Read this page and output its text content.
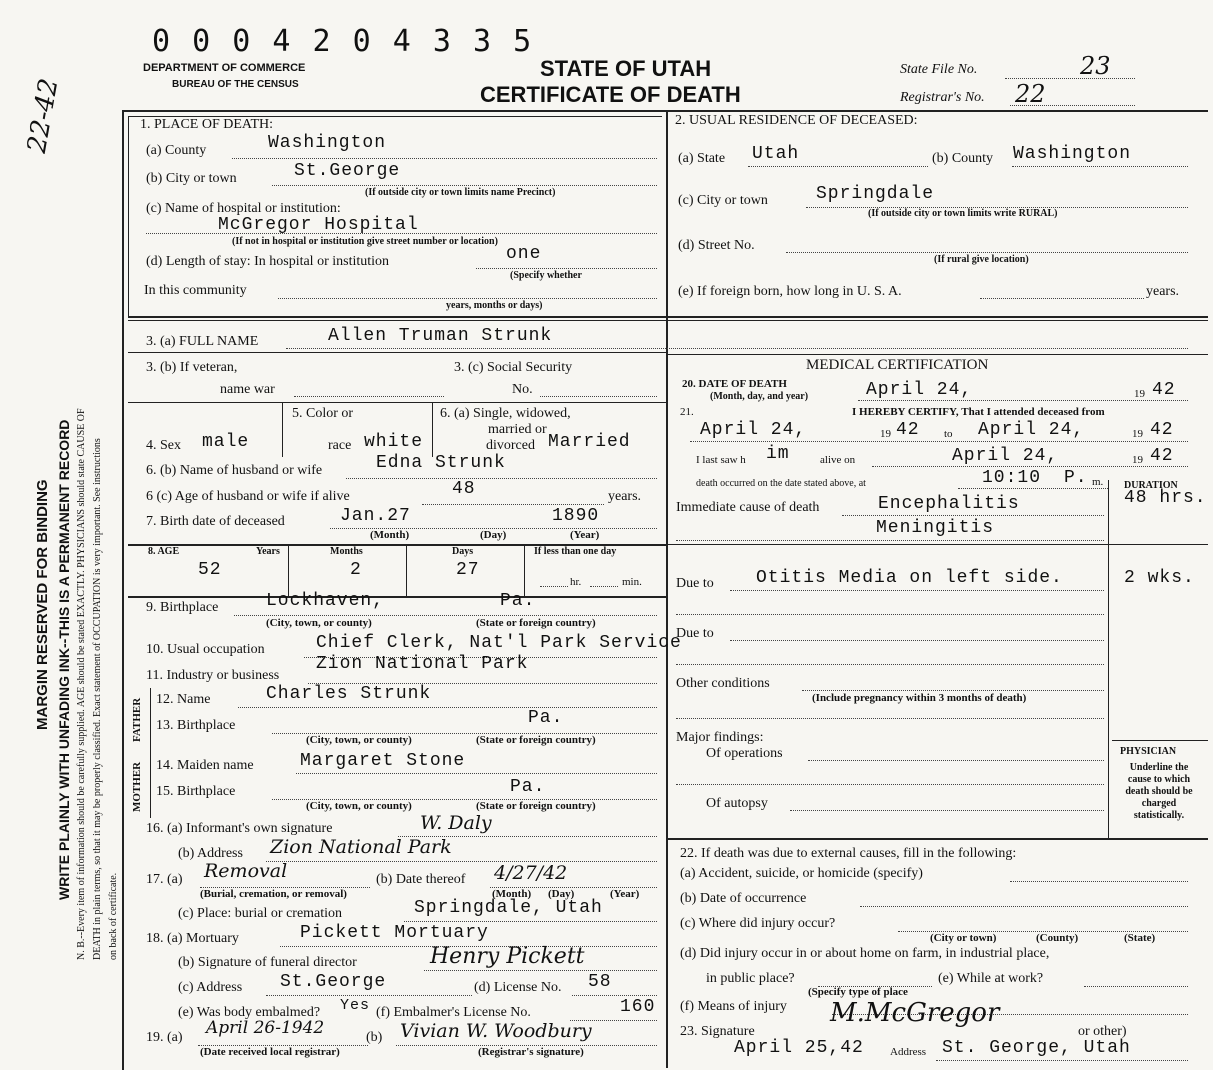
22-42
MARGIN RESERVED FOR BINDING WRITE PLAINLY WITH UNFADING INK--THIS IS A PERMANENT RECORD N. B.--Every item of information should be carefully supplied. AGE should be stated EXACTLY. PHYSICIANS should state CAUSE OF DEATH in plain terms, so that it may be properly classified. Exact statement of OCCUPATION is very important. See instructions on back of certificate.
0 0 0 4 2 0 4 3 3 5
DEPARTMENT OF COMMERCE
BUREAU OF THE CENSUS
STATE OF UTAH
CERTIFICATE OF DEATH
State File No.	23
Registrar's No. 22
1. PLACE OF DEATH:
(a) County	Washington
(b) City or town	St.George
(If outside city or town limits name Precinct)
(c) Name of hospital or institution:
McGregor Hospital
(If not in hospital or institution give street number or location)
(d) Length of stay: In hospital or institution	one
(Specify whether
In this community
years, months or days)
2. USUAL RESIDENCE OF DECEASED:
(a) State Utah	(b) County Washington
(c) City or town	Springdale
(If outside city or town limits write RURAL)
(d) Street No.
(If rural give location)
(e) If foreign born, how long in U. S. A.	years.
3. (a) FULL NAME	Allen Truman Strunk
3. (b) If veteran,
name war
3. (c) Social Security
No.
4. Sex male
5. Color or
race white
6. (a) Single, widowed,
married or
divorced Married
6. (b) Name of husband or wife	Edna Strunk
6 (c) Age of husband or wife if alive	48	years.
7. Birth date of deceased	Jan.27	1890
(Month)	(Day)	(Year)
8. AGE	Years	Months	Days	If less than one day
52	2	27
hr.	min.
9. Birthplace	Lockhaven,	Pa.
(City, town, or county)	(State or foreign country)
10. Usual occupation	Chief Clerk, Nat'l Park Service
11. Industry or business
Zion National Park
FATHER
MOTHER
12. Name	Charles Strunk
13. Birthplace	Pa.
(City, town, or county)	(State or foreign country)
14. Maiden name	Margaret Stone
15. Birthplace	Pa.
(City, town, or county)	(State or foreign country)
16. (a) Informant's own signature	W. Daly
(b) Address Zion National Park
17. (a) Removal
(Burial, cremation, or removal)
(b) Date thereof 4/27/42
(Month) (Day)	(Year)
(c) Place: burial or cremation	Springdale, Utah
18. (a) Mortuary	Pickett Mortuary
(b) Signature of funeral director	Henry Pickett
(c) Address St.George	(d) License No. 58
(e) Was body embalmed? Yes (f) Embalmer's License No.	160
19. (a) April 26-1942	(b) Vivian W. Woodbury
(Date received local registrar)	(Registrar's signature)
MEDICAL CERTIFICATION
20. DATE OF DEATH
(Month, day, and year)	April 24,	19 42
21.	I HEREBY CERTIFY, That I attended deceased from
April 24,	19 42 to April 24,	19 42
I last saw h im	alive on	April 24,	19 42
death occurred on the date stated above, at	10:10 P. m. DURATION
Immediate cause of death	Encephalitis	48 hrs.
Meningitis
Due to Otitis Media on left side.	2 wks.
Due to
Other conditions
(Include pregnancy within 3 months of death)
Major findings:
Of operations
Of autopsy
PHYSICIAN
Underline the cause to which death should be charged statistically.
22. If death was due to external causes, fill in the following:
(a) Accident, suicide, or homicide (specify)
(b) Date of occurrence
(c) Where did injury occur?
(City or town)	(County)	(State)
(d) Did injury occur in or about home on farm, in industrial place,
in public place?
(Specify type of place
(e) While at work?
(f) Means of injury
23. Signature
M.McGregor
or other)
April 25,42 Address St. George, Utah
